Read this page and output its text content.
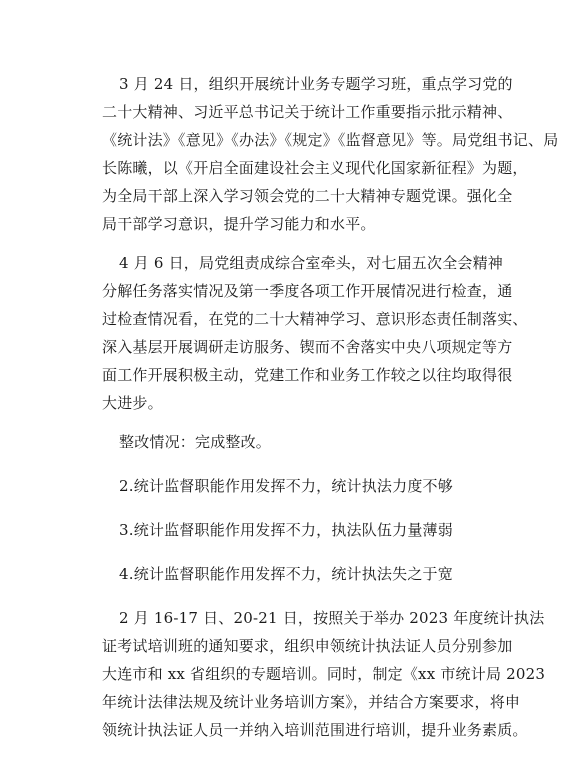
3 月 24 日，组织开展统计业务专题学习班，重点学习党的
二十大精神、习近平总书记关于统计工作重要指示批示精神、
《统计法》《意见》《办法》《规定》《监督意见》等。局党组书记、局
长陈曦，以《开启全面建设社会主义现代化国家新征程》为题，
为全局干部上深入学习领会党的二十大精神专题党课。强化全
局干部学习意识，提升学习能力和水平。

4 月 6 日，局党组责成综合室牵头，对七届五次全会精神
分解任务落实情况及第一季度各项工作开展情况进行检查，通
过检查情况看，在党的二十大精神学习、意识形态责任制落实、
深入基层开展调研走访服务、锲而不舍落实中央八项规定等方
面工作开展积极主动，党建工作和业务工作较之以往均取得很
大进步。

整改情况：完成整改。

2.统计监督职能作用发挥不力，统计执法力度不够

3.统计监督职能作用发挥不力，执法队伍力量薄弱

4.统计监督职能作用发挥不力，统计执法失之于宽

2 月 16-17 日、20-21 日，按照关于举办 2023 年度统计执法
证考试培训班的通知要求，组织申领统计执法证人员分别参加
大连市和 xx 省组织的专题培训。同时，制定《xx 市统计局 2023
年统计法律法规及统计业务培训方案》，并结合方案要求，将申
领统计执法证人员一并纳入培训范围进行培训，提升业务素质。
